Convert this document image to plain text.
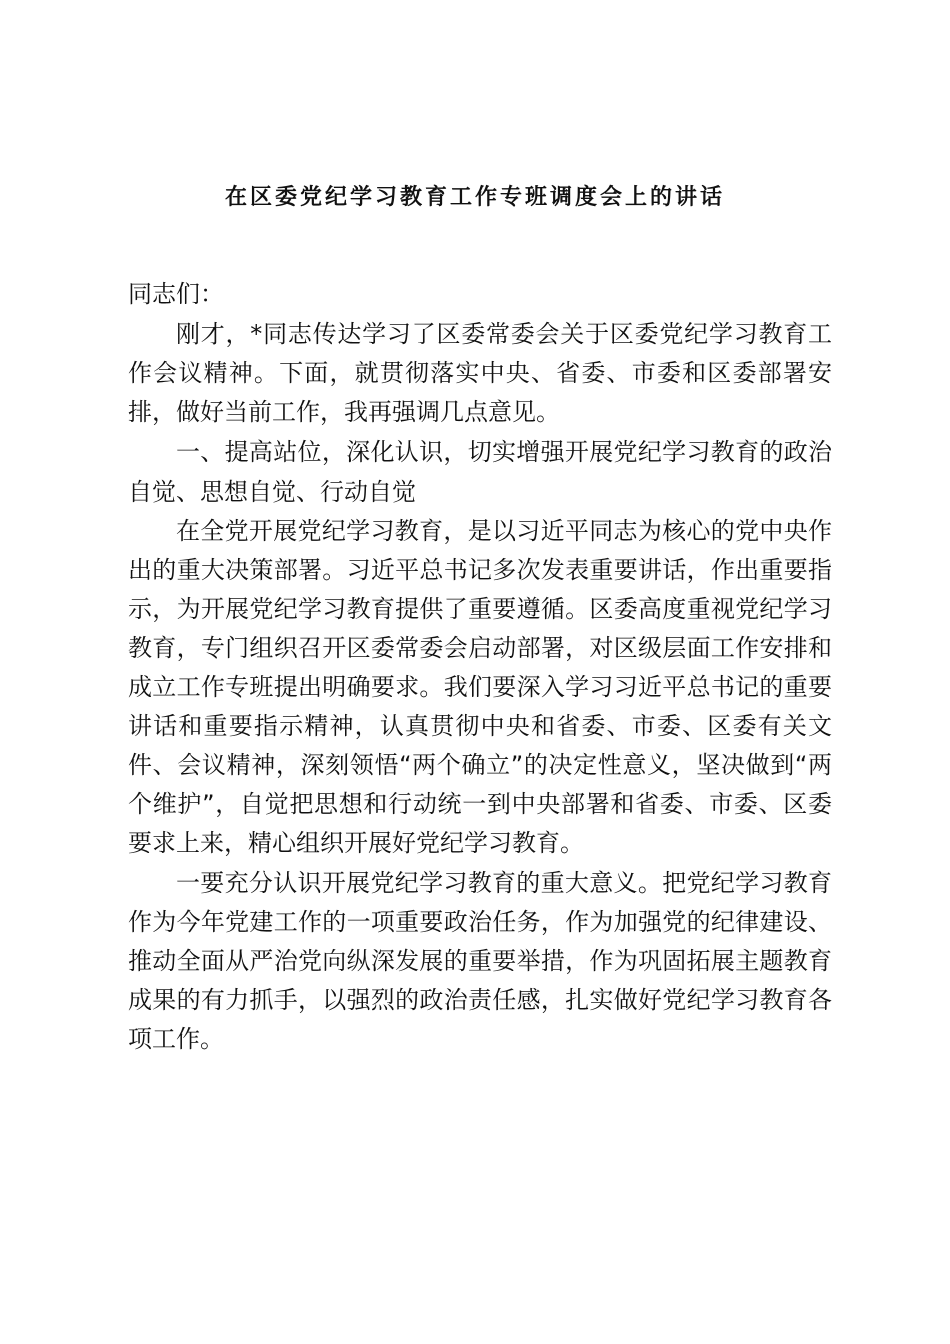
在区委党纪学习教育工作专班调度会上的讲话

同志们：

刚才，*同志传达学习了区委常委会关于区委党纪学习教育工作会议精神。下面，就贯彻落实中央、省委、市委和区委部署安排，做好当前工作，我再强调几点意见。

一、提高站位，深化认识，切实增强开展党纪学习教育的政治自觉、思想自觉、行动自觉

在全党开展党纪学习教育，是以习近平同志为核心的党中央作出的重大决策部署。习近平总书记多次发表重要讲话，作出重要指示，为开展党纪学习教育提供了重要遵循。区委高度重视党纪学习教育，专门组织召开区委常委会启动部署，对区级层面工作安排和成立工作专班提出明确要求。我们要深入学习习近平总书记的重要讲话和重要指示精神，认真贯彻中央和省委、市委、区委有关文件、会议精神，深刻领悟“两个确立”的决定性意义，坚决做到“两个维护”，自觉把思想和行动统一到中央部署和省委、市委、区委要求上来，精心组织开展好党纪学习教育。

一要充分认识开展党纪学习教育的重大意义。把党纪学习教育作为今年党建工作的一项重要政治任务，作为加强党的纪律建设、推动全面从严治党向纵深发展的重要举措，作为巩固拓展主题教育成果的有力抓手，以强烈的政治责任感，扎实做好党纪学习教育各项工作。
